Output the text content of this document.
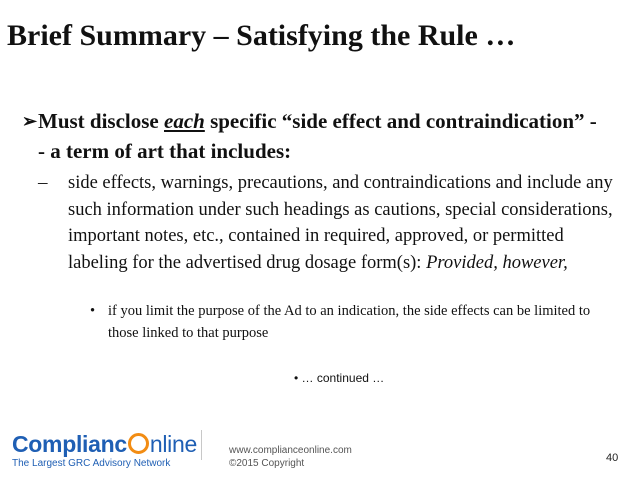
Brief Summary – Satisfying the Rule …
➢ Must disclose each specific “side effect and contraindication” -- a term of art that includes:
– side effects, warnings, precautions, and contraindications and include any such information under such headings as cautions, special considerations, important notes, etc., contained in required, approved, or permitted labeling for the advertised drug dosage form(s): Provided, however,
• if you limit the purpose of the Ad to an indication, the side effects can be limited to those linked to that purpose
• … continued …
Complianc nline
The Largest GRC Advisory Network
www.complianceonline.com
©2015 Copyright	40
